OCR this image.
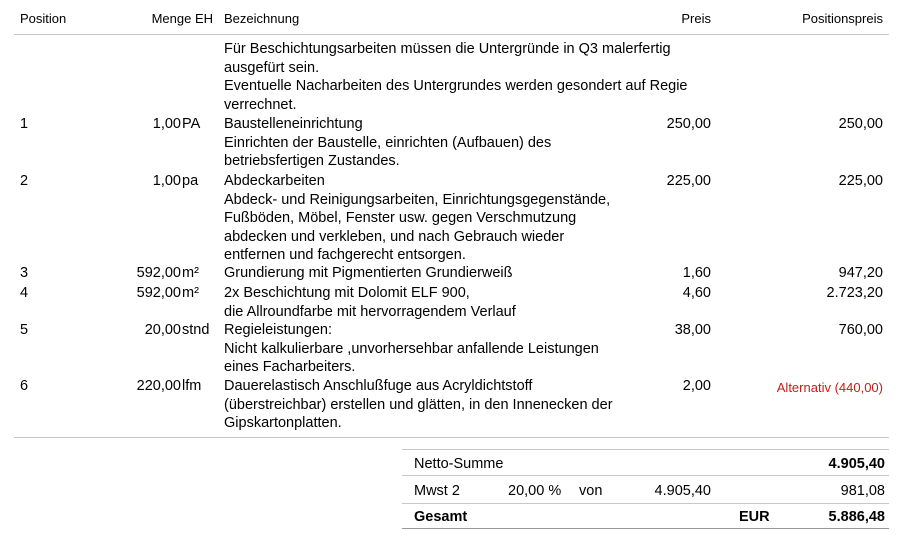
Position	Menge EH Bezeichnung	Preis	Positionspreis
Für Beschichtungsarbeiten müssen die Untergründe in Q3 malerfertig
ausgefürt sein.
Eventuelle Nacharbeiten des Untergrundes werden gesondert auf Regie
verrechnet.
1	1,00 PA Baustelleneinrichtung
Einrichten der Baustelle, einrichten (Aufbauen) des
betriebsfertigen Zustandes.
250,00	250,00
2	1,00 pa Abdeckarbeiten
Abdeck- und Reinigungsarbeiten, Einrichtungsgegenstände,
Fußböden, Möbel, Fenster usw. gegen Verschmutzung
abdecken und verkleben, und nach Gebrauch wieder
entfernen und fachgerecht entsorgen.
225,00	225,00
3	592,00 m² Grundierung mit Pigmentierten Grundierweiß	1,60	947,20
4	592,00 m² 2x Beschichtung mit Dolomit ELF 900,
die Allroundfarbe mit hervorragendem Verlauf
4,60	2.723,20
5	20,00 stnd Regieleistungen:
Nicht kalkulierbare ,unvorhersehbar anfallende Leistungen
eines Facharbeiters.
38,00	760,00
6	220,00 lfm Dauerelastisch Anschlußfuge aus Acryldichtstoff
(überstreichbar) erstellen und glätten, in den Innenecken der
Gipskartonplatten.
2,00	Alternativ (440,00)
Netto-Summe	4.905,40
Mwst 2	20,00 % von	4.905,40	981,08
Gesamt	EUR	5.886,48
